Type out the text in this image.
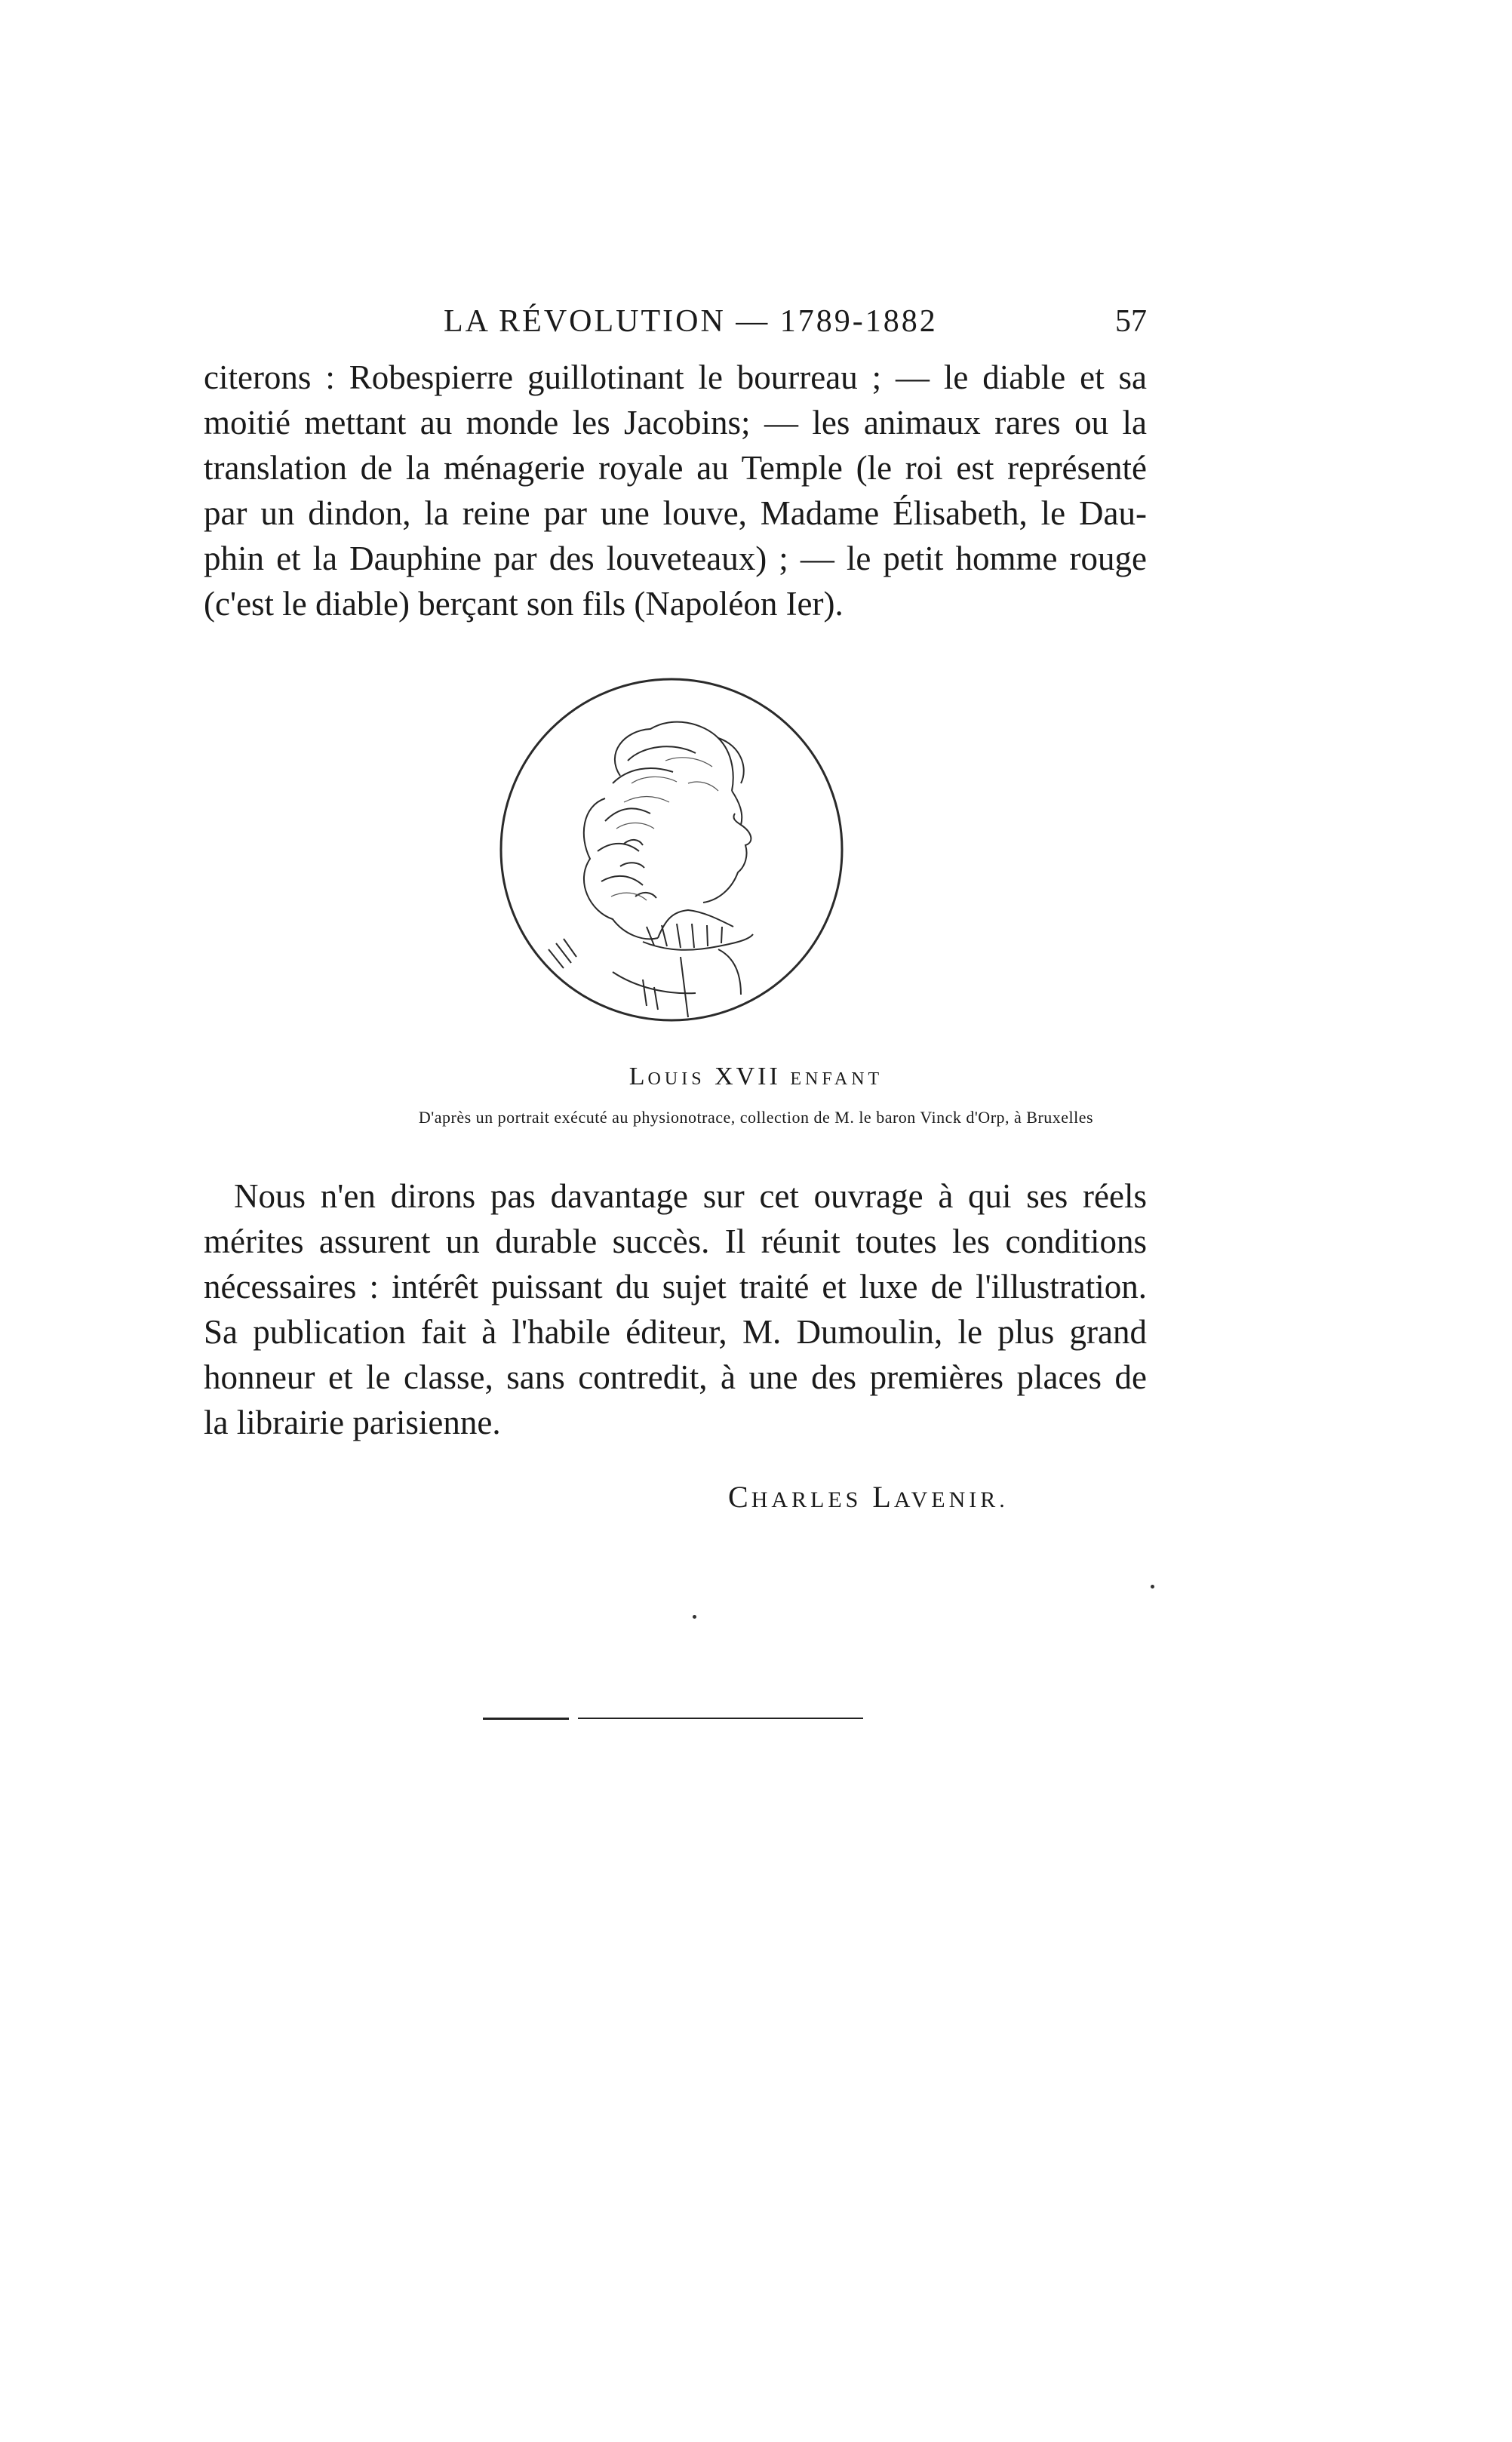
LA RÉVOLUTION — 1789-1882	57
citerons : Robespierre guillotinant le bourreau ; — le diable et sa
moitié mettant au monde les Jacobins; — les animaux rares ou la
translation de la ménagerie royale au Temple (le roi est représenté
par un dindon, la reine par une louve, Madame Élisabeth, le Dau-
phin et la Dauphine par des louveteaux) ; — le petit homme rouge
(c'est le diable) berçant son fils (Napoléon Ier).
LOUIS XVII ENFANT
D'après un portrait exécuté au physionotrace, collection de M. le baron Vinck d'Orp, à Bruxelles
Nous n'en dirons pas davantage sur cet ouvrage à qui ses réels
mérites assurent un durable succès. Il réunit toutes les conditions
nécessaires : intérêt puissant du sujet traité et luxe de l'illustration.
Sa publication fait à l'habile éditeur, M. Dumoulin, le plus grand
honneur et le classe, sans contredit, à une des premières places de
la librairie parisienne.
CHARLES LAVENIR.
